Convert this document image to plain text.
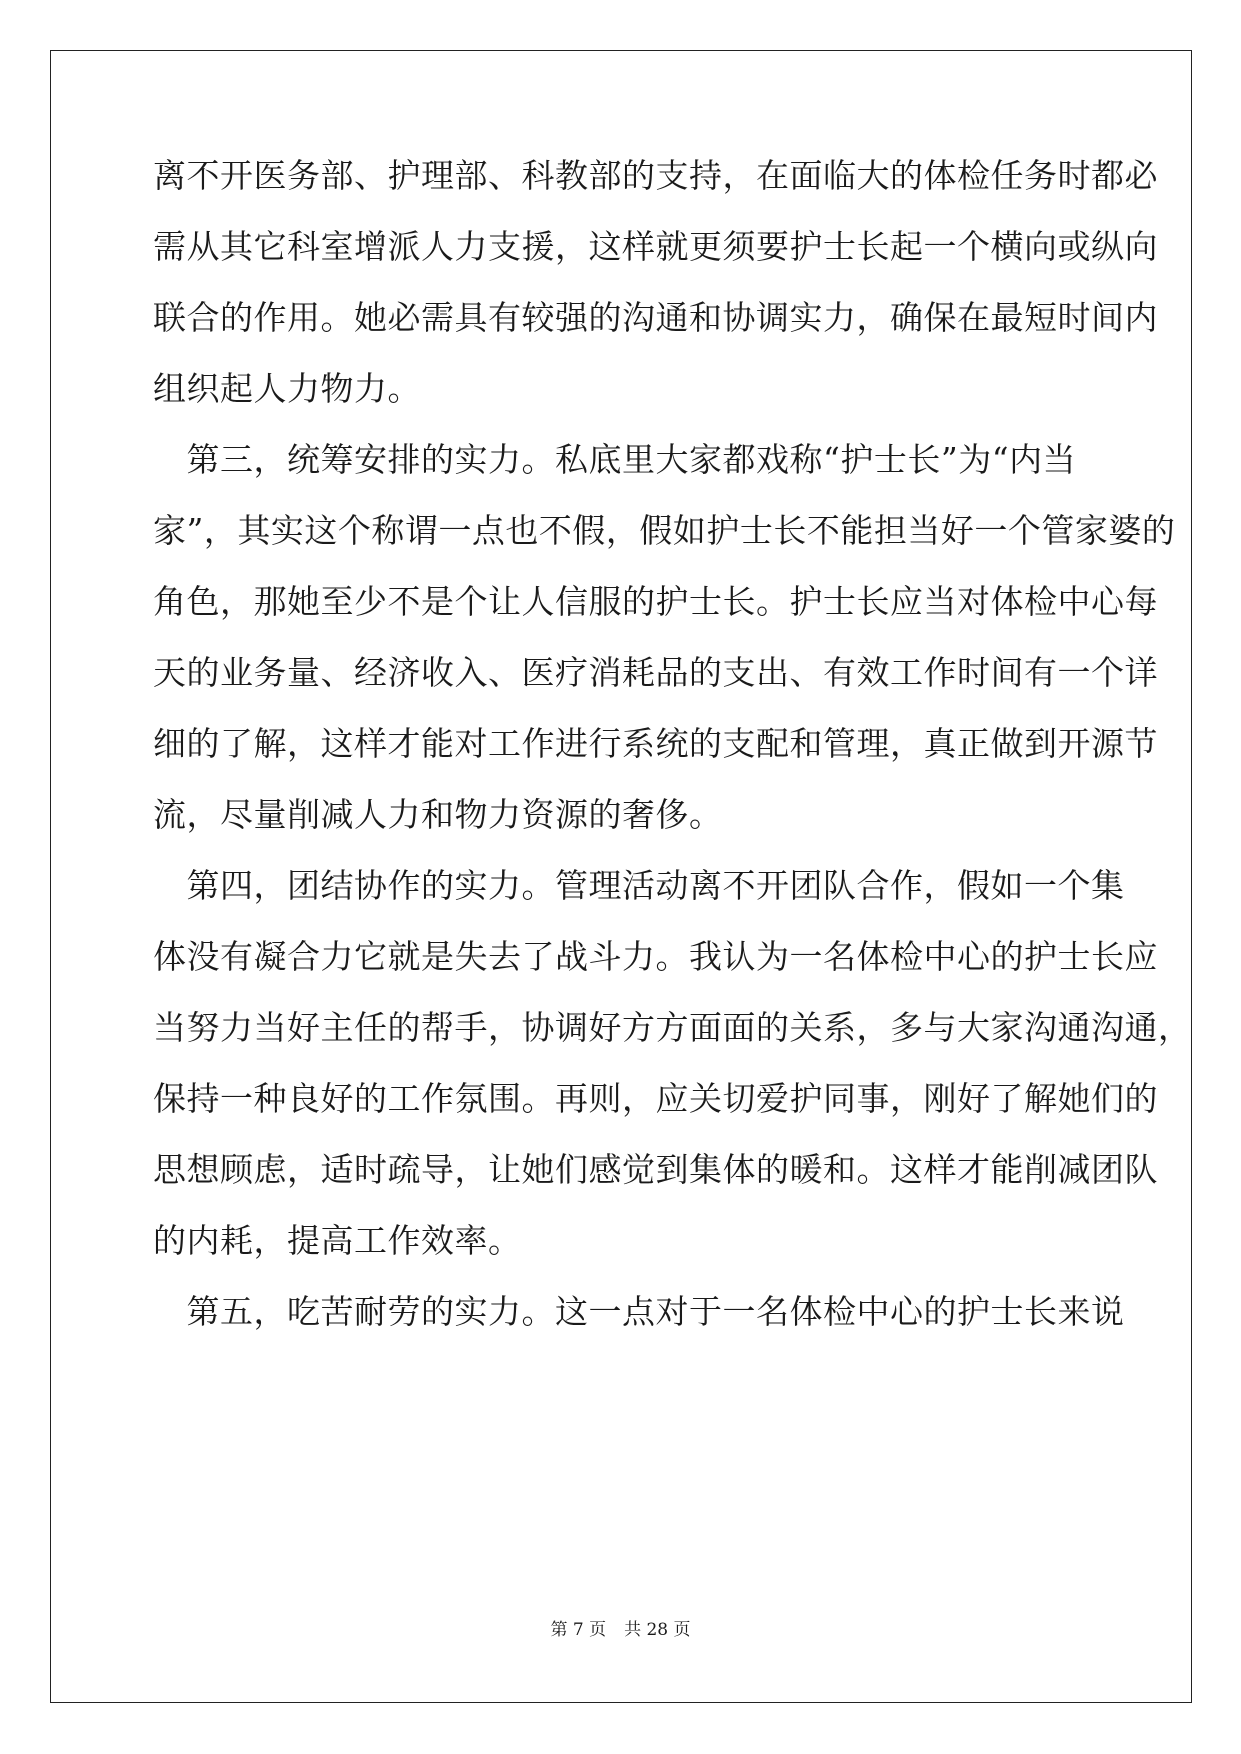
离不开医务部、护理部、科教部的支持，在面临大的体检任务时都必
需从其它科室增派人力支援，这样就更须要护士长起一个横向或纵向
联合的作用。她必需具有较强的沟通和协调实力，确保在最短时间内
组织起人力物力。
　第三，统筹安排的实力。私底里大家都戏称“护士长”为“内当
家”，其实这个称谓一点也不假，假如护士长不能担当好一个管家婆的
角色，那她至少不是个让人信服的护士长。护士长应当对体检中心每
天的业务量、经济收入、医疗消耗品的支出、有效工作时间有一个详
细的了解，这样才能对工作进行系统的支配和管理，真正做到开源节
流，尽量削减人力和物力资源的奢侈。
　第四，团结协作的实力。管理活动离不开团队合作，假如一个集
体没有凝合力它就是失去了战斗力。我认为一名体检中心的护士长应
当努力当好主任的帮手，协调好方方面面的关系，多与大家沟通沟通，
保持一种良好的工作氛围。再则，应关切爱护同事，刚好了解她们的
思想顾虑，适时疏导，让她们感觉到集体的暖和。这样才能削减团队
的内耗，提高工作效率。
　第五，吃苦耐劳的实力。这一点对于一名体检中心的护士长来说
第 7 页 共 28 页
